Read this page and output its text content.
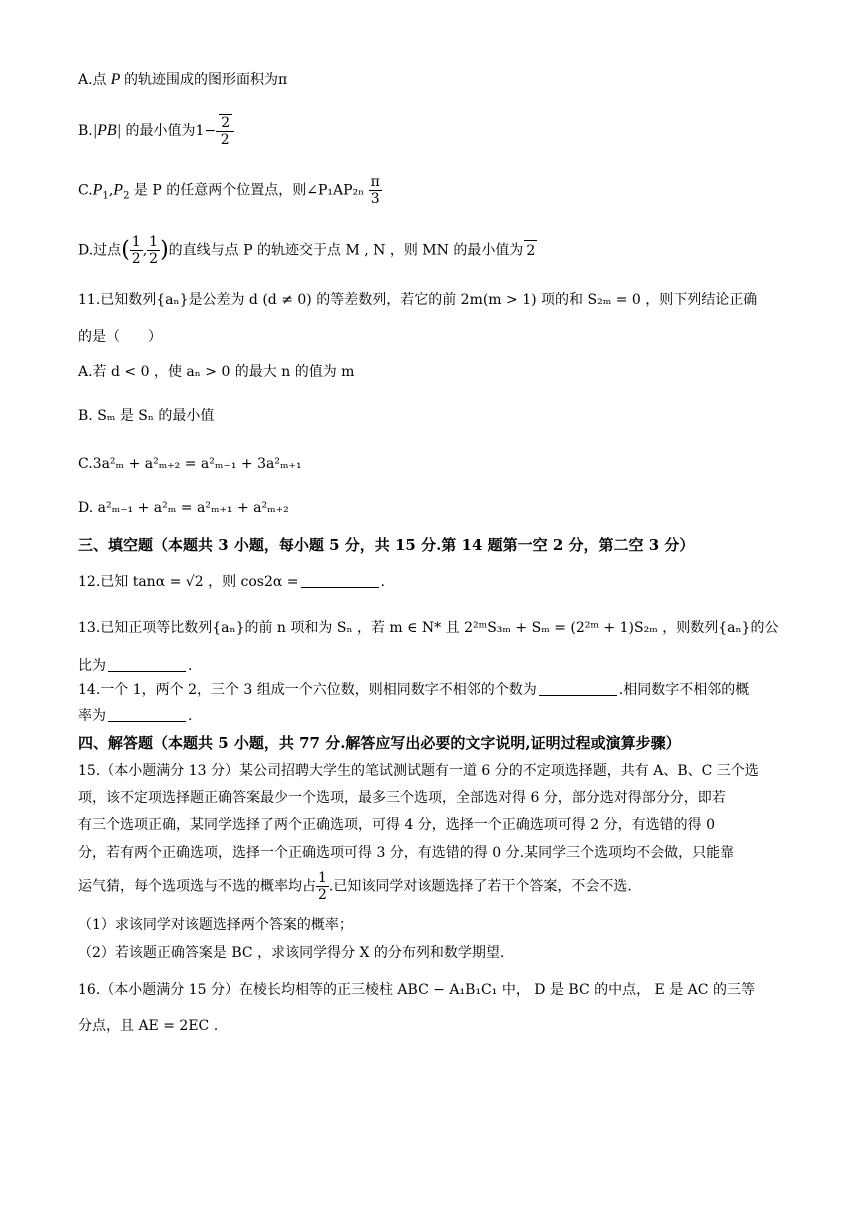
A.点 P 的轨迹围成的图形面积为π
B.|PB| 的最小值为$1- \frac{2}{2}$
$C.P_1,P_2$ 是 P 的任意两个位置点，则∠P₁AP₂ₙ $\frac{\pi}{3}$
D.过点( $\frac{1}{2}$ , $\frac{1}{2}$ )的直线与点 P 的轨迹交于点 M , N ，则 MN 的最小值为 2
11.已知数列{aₙ}是公差为 d (d ≠ 0) 的等差数列，若它的前 2m(m > 1) 项的和 S₂ₘ = 0 ，则下列结论正确
的是（　　）
A.若 d < 0 ，使 aₙ > 0 的最大 n 的值为 m
B. Sₘ 是 Sₙ 的最小值
C.3a²ₘ + a²ₘ₊₂ = a²ₘ₋₁ + 3a²ₘ₊₁
D. a²ₘ₋₁ + a²ₘ = a²ₘ₊₁ + a²ₘ₊₂
三、填空题（本题共 3 小题，每小题 5 分，共 15 分.第 14 题第一空 2 分，第二空 3 分）
12.已知 tanα = √2 ，则 cos2α =	.
13.已知正项等比数列{aₙ}的前 n 项和为 Sₙ ，若 m ∈ N* 且 2²ᵐS₃ₘ + Sₘ = (2²ᵐ + 1)S₂ₘ ，则数列{aₙ}的公
比为	.
14.一个 1，两个 2，三个 3 组成一个六位数，则相同数字不相邻的个数为	.相同数字不相邻的概
率为	.
四、解答题（本题共 5 小题，共 77 分.解答应写出必要的文字说明,证明过程或演算步骤）
15.（本小题满分 13 分）某公司招聘大学生的笔试测试题有一道 6 分的不定项选择题，共有 A、B、C 三个选
项，该不定项选择题正确答案最少一个选项，最多三个选项，全部选对得 6 分，部分选对得部分分，即若
有三个选项正确，某同学选择了两个正确选项，可得 4 分，选择一个正确选项可得 2 分，有选错的得 0
分，若有两个正确选项，选择一个正确选项可得 3 分，有选错的得 0 分.某同学三个选项均不会做，只能靠
运气猜，每个选项选与不选的概率均占 $\frac{1}{2}$ .已知该同学对该题选择了若干个答案，不会不选.
（1）求该同学对该题选择两个答案的概率；
（2）若该题正确答案是 BC ，求该同学得分 X 的分布列和数学期望.
16.（本小题满分 15 分）在棱长均相等的正三棱柱 ABC − A₁B₁C₁ 中， D 是 BC 的中点， E 是 AC 的三等
分点，且 AE = 2EC .
